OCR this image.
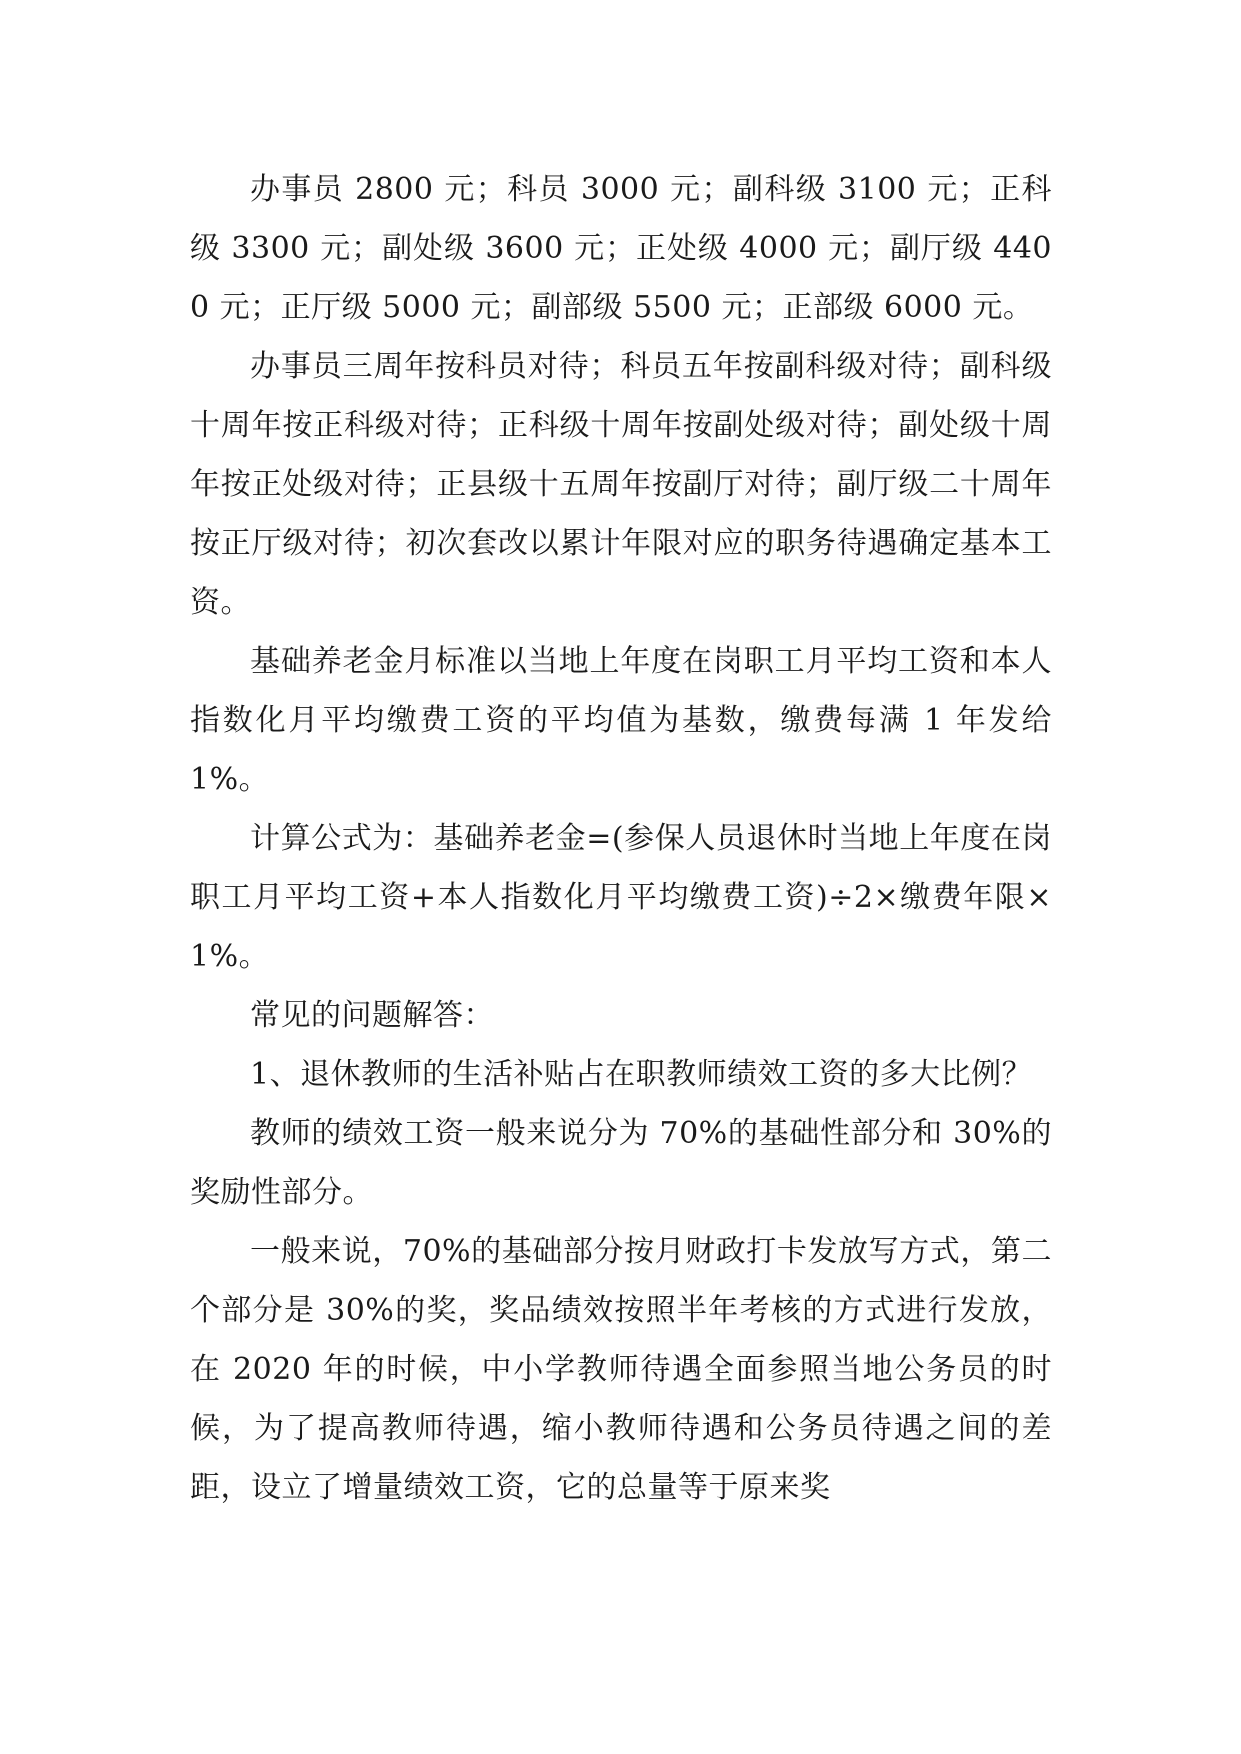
办事员 2800 元；科员 3000 元；副科级 3100 元；正科级 3300 元；副处级 3600 元；正处级 4000 元；副厅级 4400 元；正厅级 5000 元；副部级 5500 元；正部级 6000 元。

办事员三周年按科员对待；科员五年按副科级对待；副科级十周年按正科级对待；正科级十周年按副处级对待；副处级十周年按正处级对待；正县级十五周年按副厅对待；副厅级二十周年按正厅级对待；初次套改以累计年限对应的职务待遇确定基本工资。

基础养老金月标准以当地上年度在岗职工月平均工资和本人指数化月平均缴费工资的平均值为基数，缴费每满 1 年发给 1%。

计算公式为：基础养老金=(参保人员退休时当地上年度在岗职工月平均工资+本人指数化月平均缴费工资)÷2×缴费年限×1%。

常见的问题解答：

1、退休教师的生活补贴占在职教师绩效工资的多大比例？

教师的绩效工资一般来说分为 70%的基础性部分和 30%的奖励性部分。

一般来说，70%的基础部分按月财政打卡发放写方式，第二个部分是 30%的奖，奖品绩效按照半年考核的方式进行发放，在 2020 年的时候，中小学教师待遇全面参照当地公务员的时候，为了提高教师待遇，缩小教师待遇和公务员待遇之间的差距，设立了增量绩效工资，它的总量等于原来奖
